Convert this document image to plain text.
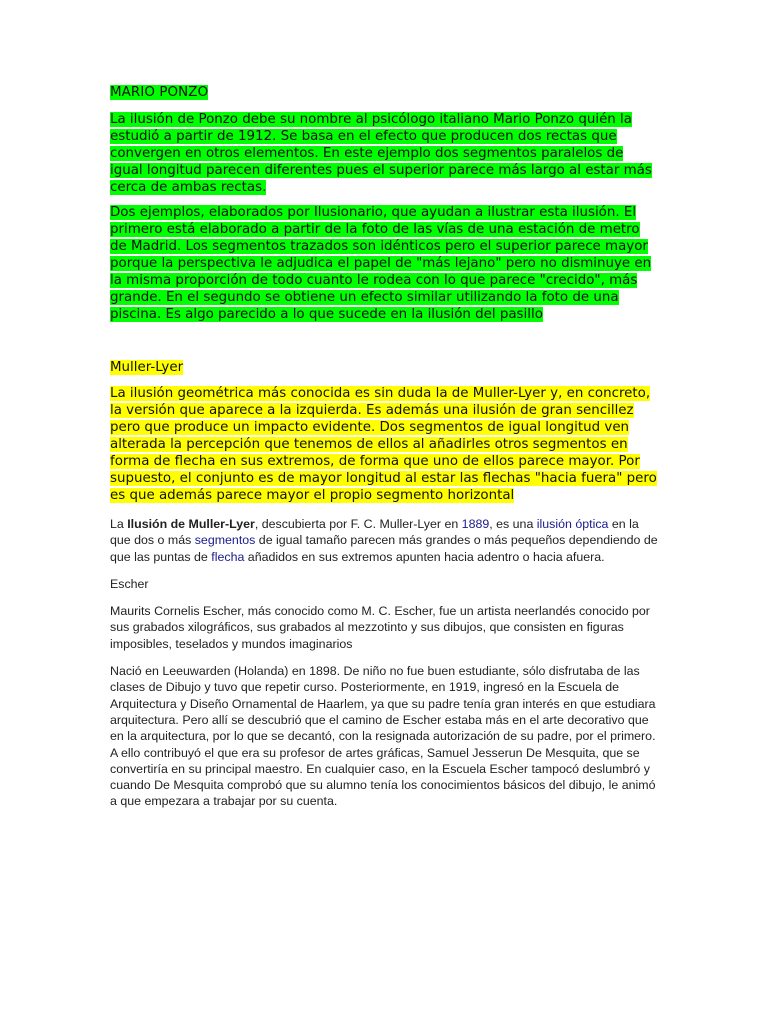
MARIO PONZO

La ilusión de Ponzo debe su nombre al psicólogo italiano Mario Ponzo quién la estudió a partir de 1912. Se basa en el efecto que producen dos rectas que convergen en otros elementos. En este ejemplo dos segmentos paralelos de igual longitud parecen diferentes pues el superior parece más largo al estar más cerca de ambas rectas.

Dos ejemplos, elaborados por Ilusionario, que ayudan a ilustrar esta ilusión. El primero está elaborado a partir de la foto de las vías de una estación de metro de Madrid. Los segmentos trazados son idénticos pero el superior parece mayor porque la perspectiva le adjudica el papel de "más lejano" pero no disminuye en la misma proporción de todo cuanto le rodea con lo que parece "crecido", más grande. En el segundo se obtiene un efecto similar utilizando la foto de una piscina. Es algo parecido a lo que sucede en la ilusión del pasillo

Muller-Lyer

La ilusión geométrica más conocida es sin duda la de Muller-Lyer y, en concreto, la versión que aparece a la izquierda. Es además una ilusión de gran sencillez pero que produce un impacto evidente. Dos segmentos de igual longitud ven alterada la percepción que tenemos de ellos al añadirles otros segmentos en forma de flecha en sus extremos, de forma que uno de ellos parece mayor. Por supuesto, el conjunto es de mayor longitud al estar las flechas "hacia fuera" pero es que además parece mayor el propio segmento horizontal

La Ilusión de Muller-Lyer, descubierta por F. C. Muller-Lyer en 1889, es una ilusión óptica en la que dos o más segmentos de igual tamaño parecen más grandes o más pequeños dependiendo de que las puntas de flecha añadidos en sus extremos apunten hacia adentro o hacia afuera.

Escher

Maurits Cornelis Escher, más conocido como M. C. Escher, fue un artista neerlandés conocido por sus grabados xilográficos, sus grabados al mezzotinto y sus dibujos, que consisten en figuras imposibles, teselados y mundos imaginarios

Nació en Leeuwarden (Holanda) en 1898. De niño no fue buen estudiante, sólo disfrutaba de las clases de Dibujo y tuvo que repetir curso. Posteriormente, en 1919, ingresó en la Escuela de Arquitectura y Diseño Ornamental de Haarlem, ya que su padre tenía gran interés en que estudiara arquitectura. Pero allí se descubrió que el camino de Escher estaba más en el arte decorativo que en la arquitectura, por lo que se decantó, con la resignada autorización de su padre, por el primero. A ello contribuyó el que era su profesor de artes gráficas, Samuel Jesserun De Mesquita, que se convertiría en su principal maestro. En cualquier caso, en la Escuela Escher tampocó deslumbró y cuando De Mesquita comprobó que su alumno tenía los conocimientos básicos del dibujo, le animó a que empezara a trabajar por su cuenta.
